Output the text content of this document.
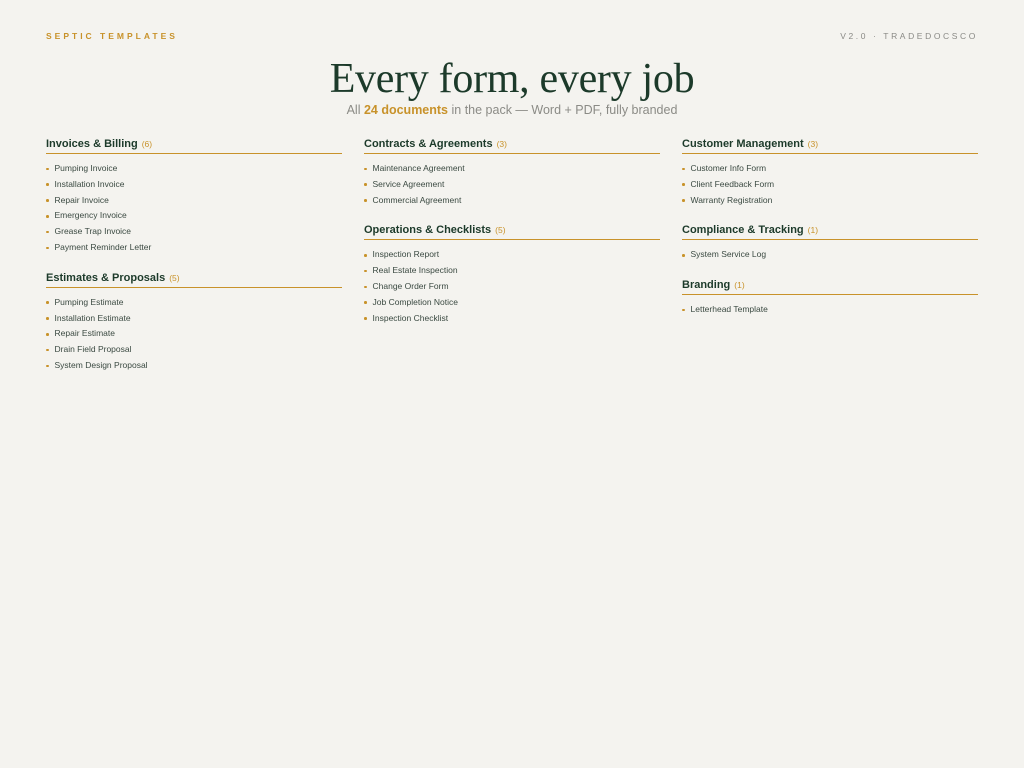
SEPTIC TEMPLATES	V2.0 · TRADEDOCSCO
Every form, every job

All 24 documents in the pack — Word + PDF, fully branded

Invoices & Billing (6)
Pumping Invoice
Installation Invoice
Repair Invoice
Emergency Invoice
Grease Trap Invoice
Payment Reminder Letter
Estimates & Proposals (5)
Pumping Estimate
Installation Estimate
Repair Estimate
Drain Field Proposal
System Design Proposal
Contracts & Agreements (3)
Maintenance Agreement
Service Agreement
Commercial Agreement
Operations & Checklists (5)
Inspection Report
Real Estate Inspection
Change Order Form
Job Completion Notice
Inspection Checklist
Customer Management (3)
Customer Info Form
Client Feedback Form
Warranty Registration
Compliance & Tracking (1)
System Service Log
Branding (1)
Letterhead Template
